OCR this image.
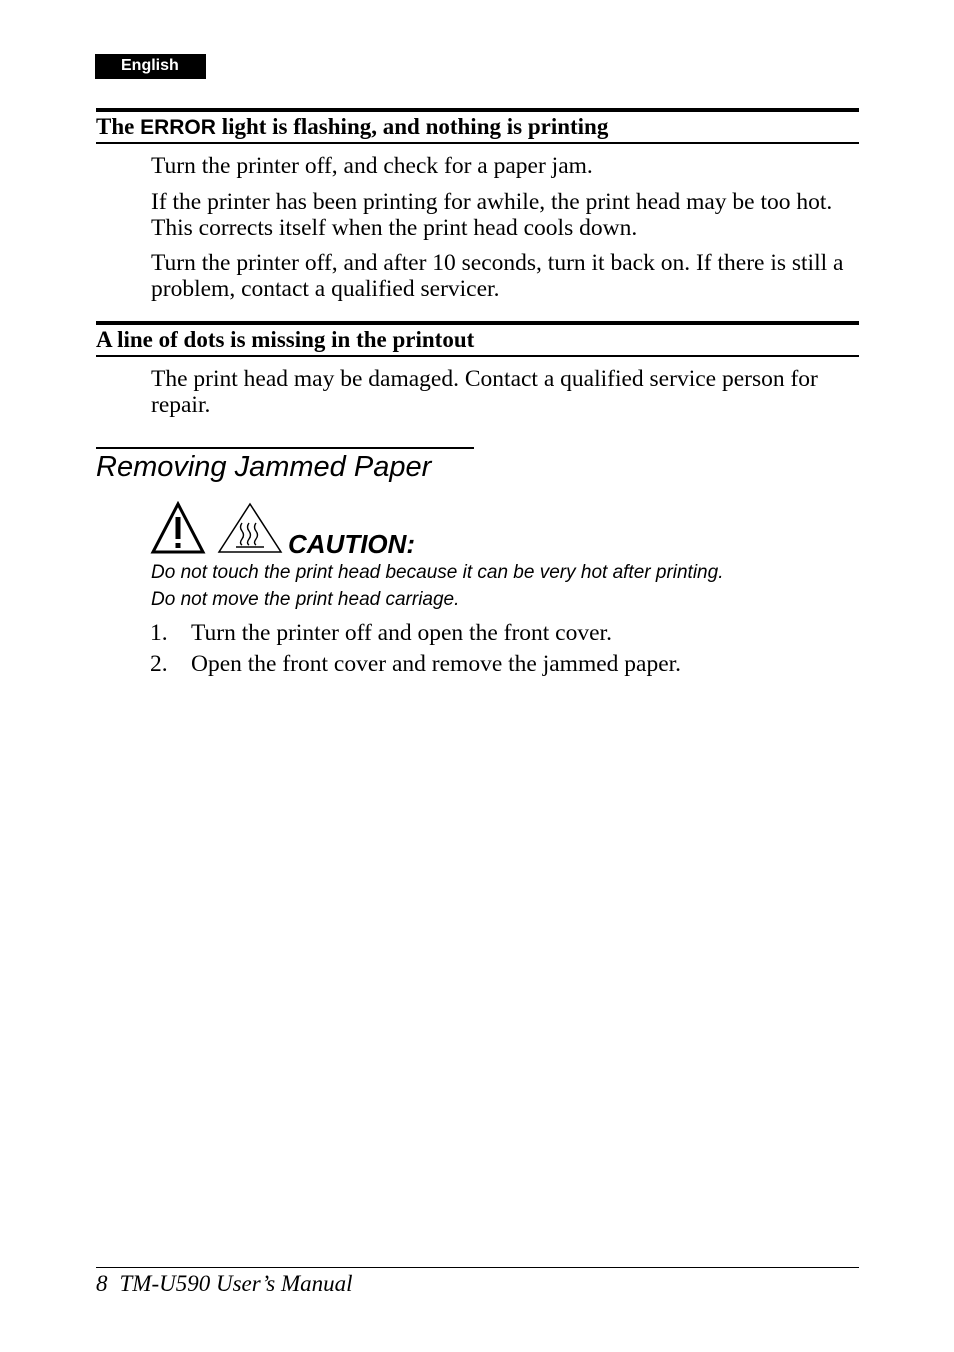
English
The ERROR light is flashing, and nothing is printing

Turn the printer off, and check for a paper jam.

If the printer has been printing for awhile, the print head may be too hot. This corrects itself when the print head cools down.

Turn the printer off, and after 10 seconds, turn it back on. If there is still a problem, contact a qualified servicer.

A line of dots is missing in the printout

The print head may be damaged. Contact a qualified service person for repair.

Removing Jammed Paper
CAUTION:

Do not touch the print head because it can be very hot after printing.

Do not move the print head carriage.

1. Turn the printer off and open the front cover.
2. Open the front cover and remove the jammed paper.
8 TM-U590 User’s Manual
